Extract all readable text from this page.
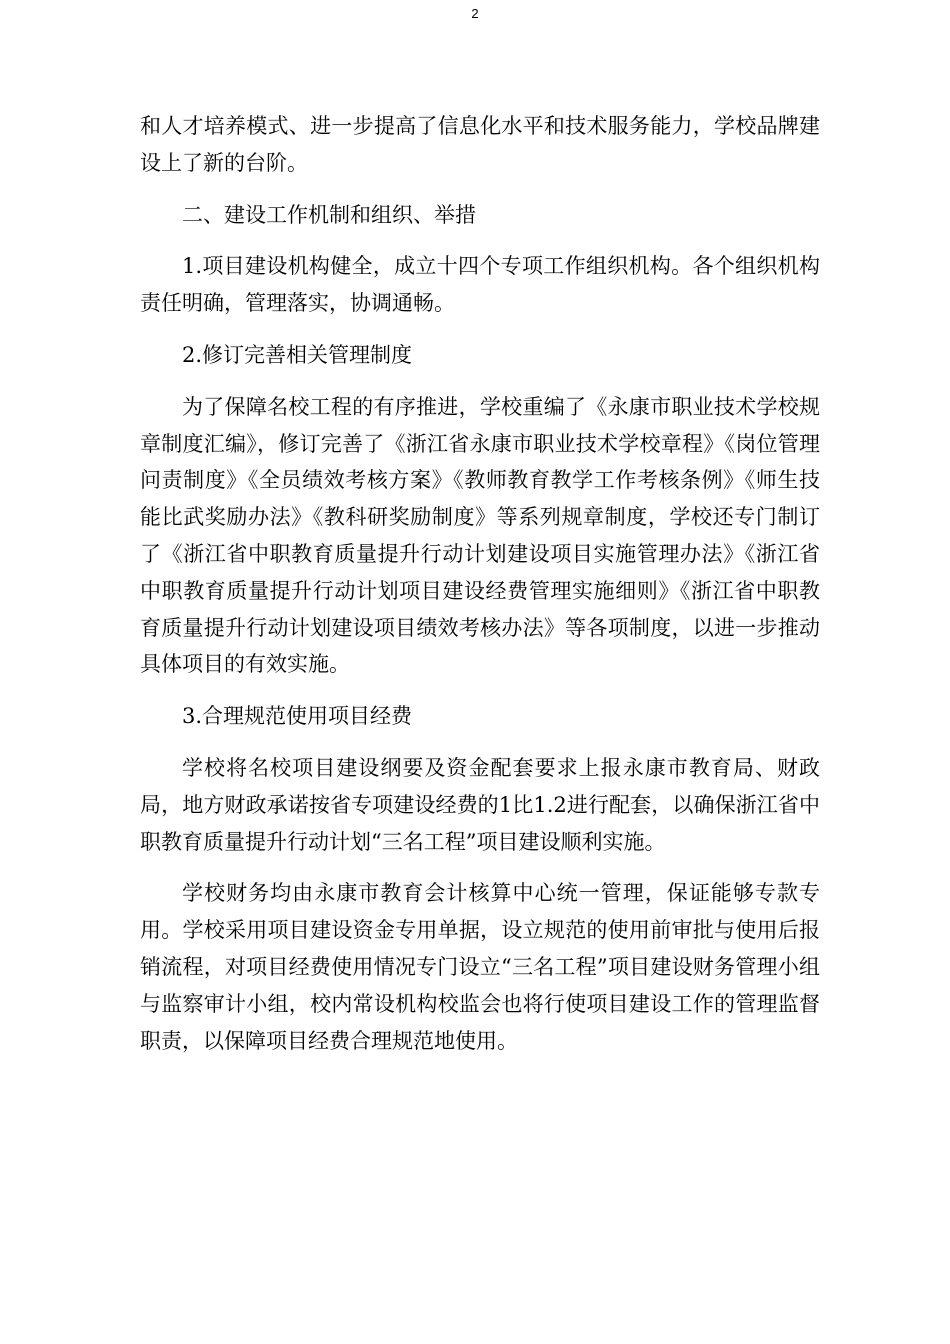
2

和人才培养模式、进一步提高了信息化水平和技术服务能力，学校品牌建设上了新的台阶。

二、建设工作机制和组织、举措

1.项目建设机构健全，成立十四个专项工作组织机构。各个组织机构责任明确，管理落实，协调通畅。

2.修订完善相关管理制度

为了保障名校工程的有序推进，学校重编了《永康市职业技术学校规章制度汇编》，修订完善了《浙江省永康市职业技术学校章程》《岗位管理问责制度》《全员绩效考核方案》《教师教育教学工作考核条例》《师生技能比武奖励办法》《教科研奖励制度》等系列规章制度，学校还专门制订了《浙江省中职教育质量提升行动计划建设项目实施管理办法》《浙江省中职教育质量提升行动计划项目建设经费管理实施细则》《浙江省中职教育质量提升行动计划建设项目绩效考核办法》等各项制度，以进一步推动具体项目的有效实施。

3.合理规范使用项目经费

学校将名校项目建设纲要及资金配套要求上报永康市教育局、财政局，地方财政承诺按省专项建设经费的1比1.2进行配套，以确保浙江省中职教育质量提升行动计划“三名工程”项目建设顺利实施。

学校财务均由永康市教育会计核算中心统一管理，保证能够专款专用。学校采用项目建设资金专用单据，设立规范的使用前审批与使用后报销流程，对项目经费使用情况专门设立“三名工程”项目建设财务管理小组与监察审计小组，校内常设机构校监会也将行使项目建设工作的管理监督职责，以保障项目经费合理规范地使用。
